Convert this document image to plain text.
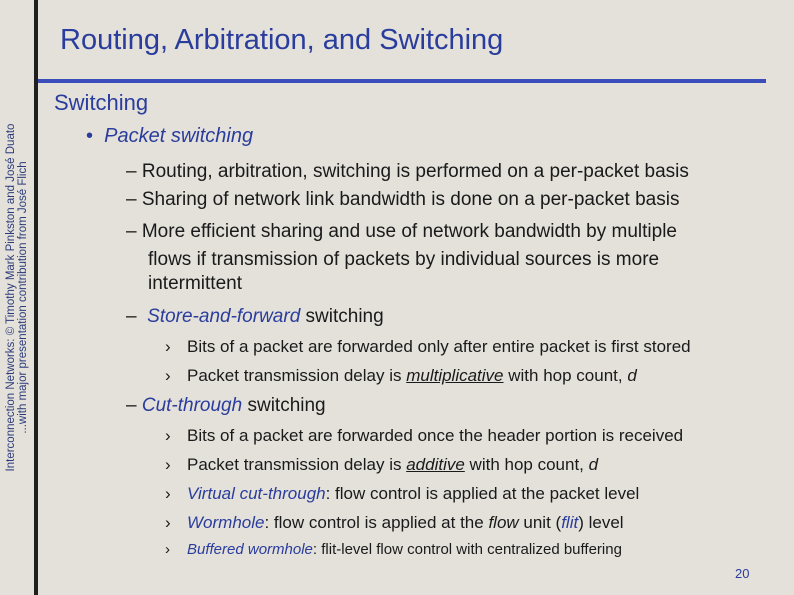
Interconnection Networks: © Timothy Mark Pinkston and José Duato ...with major presentation contribution from José Flich
Routing, Arbitration, and Switching
Switching
• Packet switching
– Routing, arbitration, switching is performed on a per-packet basis
– Sharing of network link bandwidth is done on a per-packet basis
– More efficient sharing and use of network bandwidth by multiple
flows if transmission of packets by individual sources is more
intermittent
– Store-and-forward switching
› Bits of a packet are forwarded only after entire packet is first stored
› Packet transmission delay is multiplicative with hop count, d
– Cut-through switching
› Bits of a packet are forwarded once the header portion is received
› Packet transmission delay is additive with hop count, d
› Virtual cut-through: flow control is applied at the packet level
› Wormhole: flow control is applied at the flow unit (flit) level
› Buffered wormhole: flit-level flow control with centralized buffering
20
